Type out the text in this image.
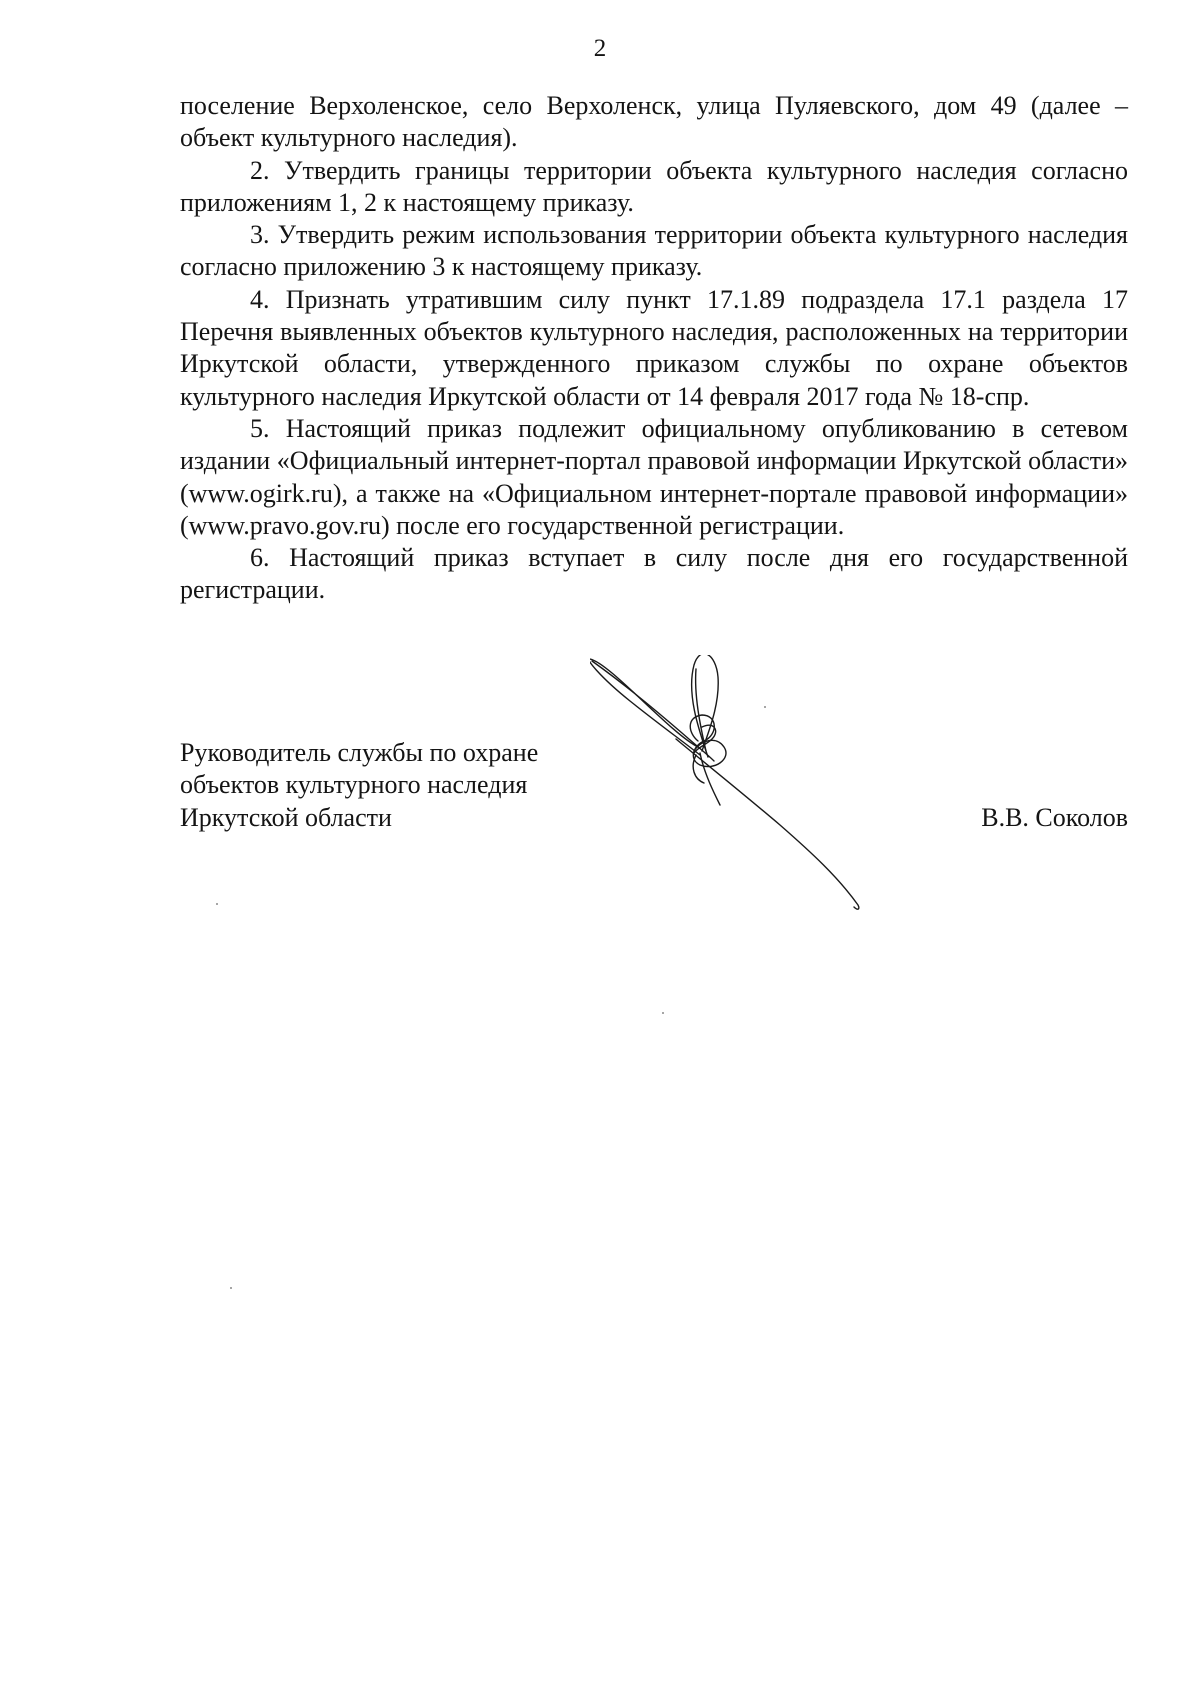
2

поселение Верхоленское, село Верхоленск, улица Пуляевского, дом 49 (далее – объект культурного наследия).

2. Утвердить границы территории объекта культурного наследия согласно приложениям 1, 2 к настоящему приказу.

3. Утвердить режим использования территории объекта культурного наследия согласно приложению 3 к настоящему приказу.

4. Признать утратившим силу пункт 17.1.89 подраздела 17.1 раздела 17 Перечня выявленных объектов культурного наследия, расположенных на территории Иркутской области, утвержденного приказом службы по охране объектов культурного наследия Иркутской области от 14 февраля 2017 года № 18-спр.

5. Настоящий приказ подлежит официальному опубликованию в сетевом издании «Официальный интернет-портал правовой информации Иркутской области» (www.ogirk.ru), а также на «Официальном интернет-портале правовой информации» (www.pravo.gov.ru) после его государственной регистрации.

6. Настоящий приказ вступает в силу после дня его государственной регистрации.

Руководитель службы по охране
объектов культурного наследия
Иркутской области	В.В. Соколов
